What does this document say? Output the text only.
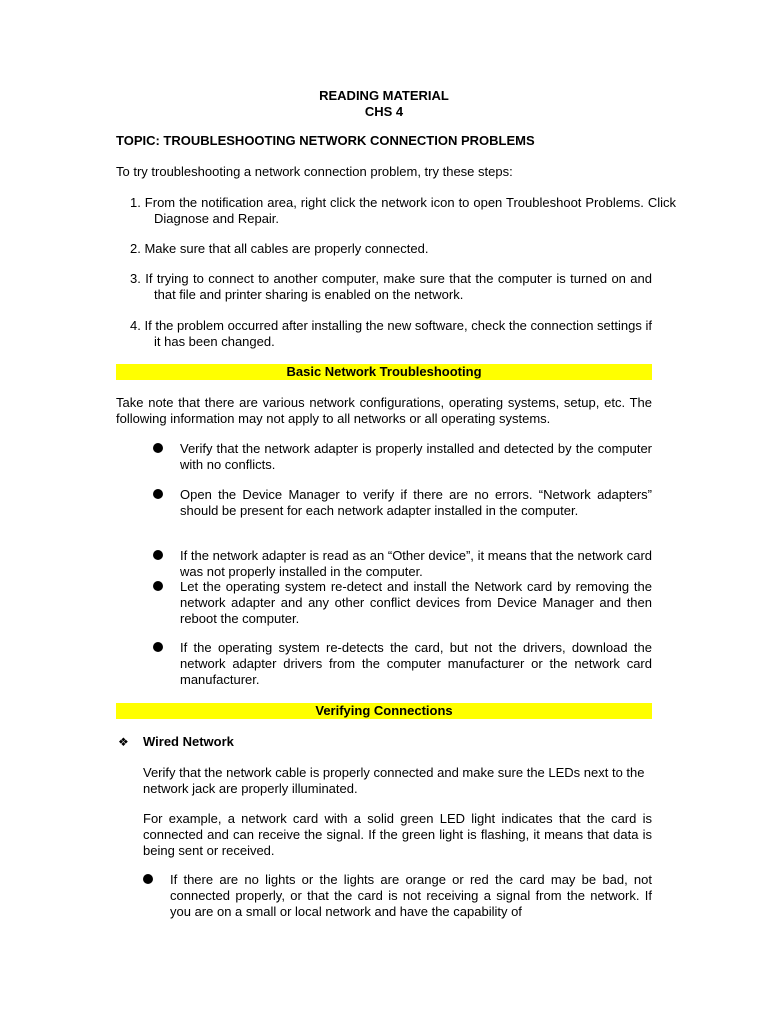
READING MATERIAL
CHS 4
TOPIC: TROUBLESHOOTING NETWORK CONNECTION PROBLEMS
To try troubleshooting a network connection problem, try these steps:
1. From the notification area, right click the network icon to open Troubleshoot Problems. Click Diagnose and Repair.
2. Make sure that all cables are properly connected.
3. If trying to connect to another computer, make sure that the computer is turned on and that file and printer sharing is enabled on the network.
4. If the problem occurred after installing the new software, check the connection settings if it has been changed.
Basic Network Troubleshooting
Take note that there are various network configurations, operating systems, setup, etc. The following information may not apply to all networks or all operating systems.
Verify that the network adapter is properly installed and detected by the computer with no conflicts.
Open the Device Manager to verify if there are no errors. “Network adapters” should be present for each network adapter installed in the computer.
If the network adapter is read as an “Other device”, it means that the network card was not properly installed in the computer.
Let the operating system re-detect and install the Network card by removing the network adapter and any other conflict devices from Device Manager and then reboot the computer.
If the operating system re-detects the card, but not the drivers, download the network adapter drivers from the computer manufacturer or the network card manufacturer.
Verifying Connections
❖ Wired Network
Verify that the network cable is properly connected and make sure the LEDs next to the network jack are properly illuminated.
For example, a network card with a solid green LED light indicates that the card is connected and can receive the signal. If the green light is flashing, it means that data is being sent or received.
If there are no lights or the lights are orange or red the card may be bad, not connected properly, or that the card is not receiving a signal from the network. If you are on a small or local network and have the capability of
